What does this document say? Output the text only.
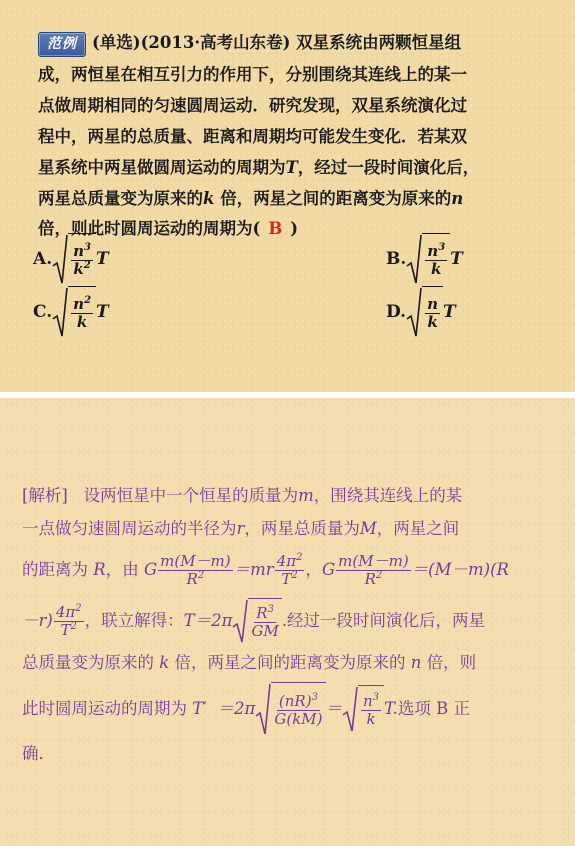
范例 (单选)(2013·高考山东卷) 双星系统由两颗恒星组
成，两恒星在相互引力的作用下，分别围绕其连线上的某一
点做周期相同的匀速圆周运动．研究发现，双星系统演化过
程中，两星的总质量、距离和周期均可能发生变化．若某双
星系统中两星做圆周运动的周期为T，经过一段时间演化后，
两星总质量变为原来的k 倍，两星之间的距离变为原来的n
倍，则此时圆周运动的周期为( B )
A. $\frac{n^3}{k^2}$ T	B. $\frac{n^3}{k}$ T
C. $\frac{n^2}{k}$ T	D. $\frac{n}{k}$ T
[解析] 设两恒星中一个恒星的质量为m，围绕其连线上的某
一点做匀速圆周运动的半径为r，两星总质量为M，两星之间
的距离为
R ，由
G $\frac{m(M-m)}{R^2} =mr \frac{4\pi^2}{T^2}$ ， G $\frac{m(M-m)}{R^2} =(M-m)(R$
$-r) \frac{4\pi^2}{T^2}$ ，联立解得： $T=2\pi \frac{R^3}{GM}$ .经过一段时间演化后，两星
总质量变为原来的 k 倍，两星之间的距离变为原来的 n 倍，则
此时圆周运动的周期为
T′
$=2\pi \frac{(nR)^3}{G(kM)} = \frac{n^3}{k} T$. 选项 B 正
确．
